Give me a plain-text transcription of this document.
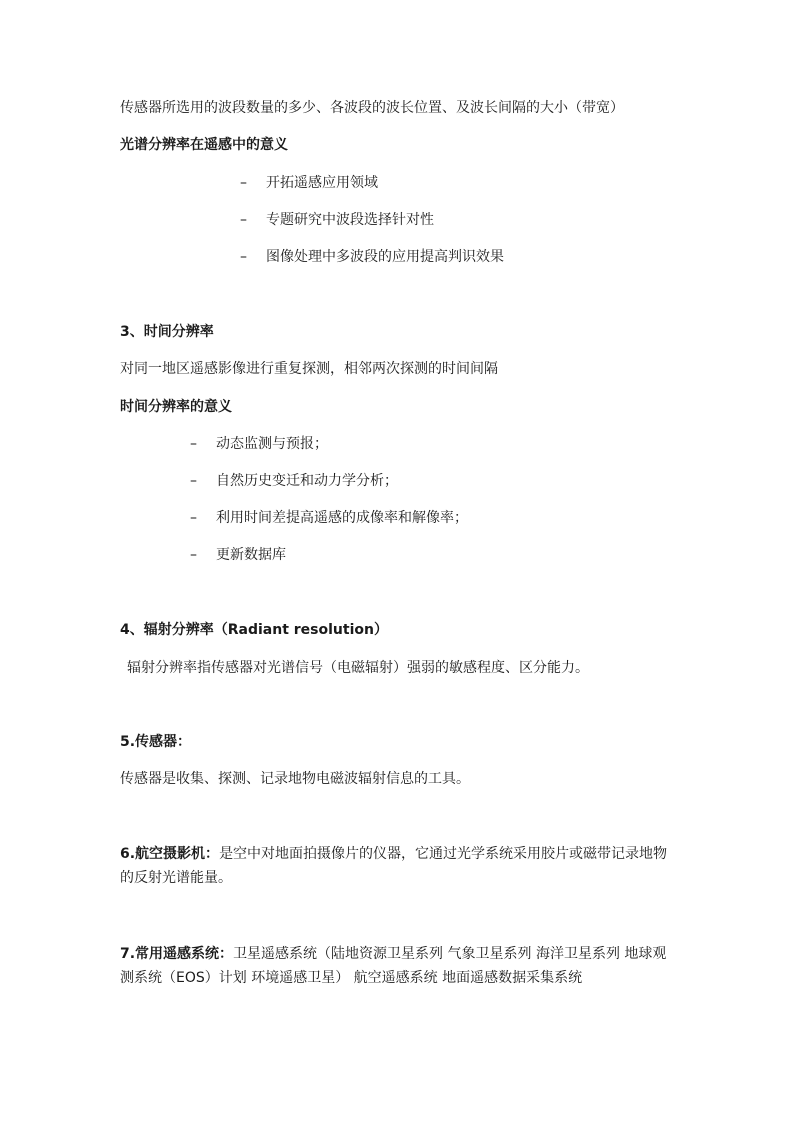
传感器所选用的波段数量的多少、各波段的波长位置、及波长间隔的大小（带宽）
光谱分辨率在遥感中的意义
– 开拓遥感应用领域
– 专题研究中波段选择针对性
– 图像处理中多波段的应用提高判识效果
3、时间分辨率
对同一地区遥感影像进行重复探测，相邻两次探测的时间间隔
时间分辨率的意义
– 动态监测与预报；
– 自然历史变迁和动力学分析；
– 利用时间差提高遥感的成像率和解像率；
– 更新数据库
4、辐射分辨率（Radiant resolution）
辐射分辨率指传感器对光谱信号（电磁辐射）强弱的敏感程度、区分能力。
5.传感器：
传感器是收集、探测、记录地物电磁波辐射信息的工具。
6.航空摄影机：是空中对地面拍摄像片的仪器，它通过光学系统采用胶片或磁带记录地物的反射光谱能量。
7.常用遥感系统：卫星遥感系统（陆地资源卫星系列 气象卫星系列 海洋卫星系列 地球观测系统（EOS）计划 环境遥感卫星） 航空遥感系统 地面遥感数据采集系统
